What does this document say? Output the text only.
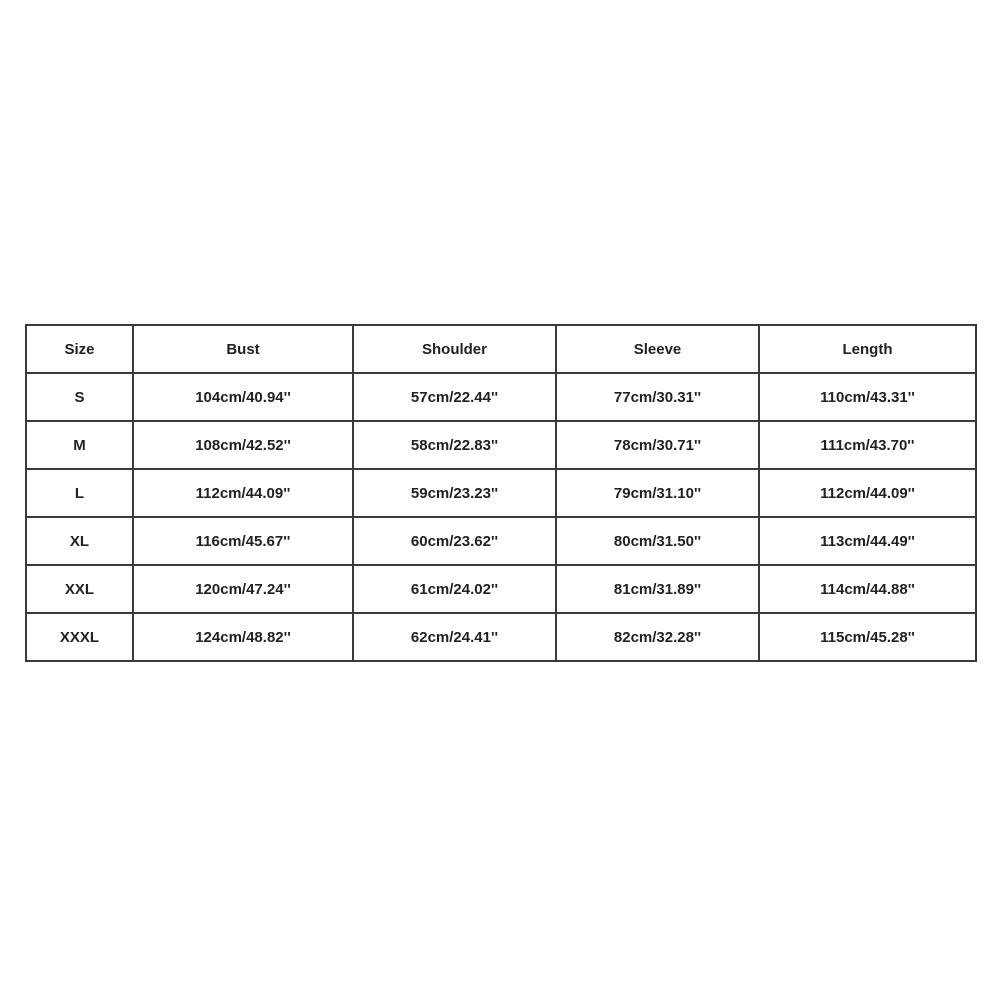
Size	Bust	Shoulder	Sleeve	Length
S	104cm/40.94''	57cm/22.44''	77cm/30.31''	110cm/43.31''
M	108cm/42.52''	58cm/22.83''	78cm/30.71''	111cm/43.70''
L	112cm/44.09''	59cm/23.23''	79cm/31.10''	112cm/44.09''
XL	116cm/45.67''	60cm/23.62''	80cm/31.50''	113cm/44.49''
XXL	120cm/47.24''	61cm/24.02''	81cm/31.89''	114cm/44.88''
XXXL	124cm/48.82''	62cm/24.41''	82cm/32.28''	115cm/45.28''
